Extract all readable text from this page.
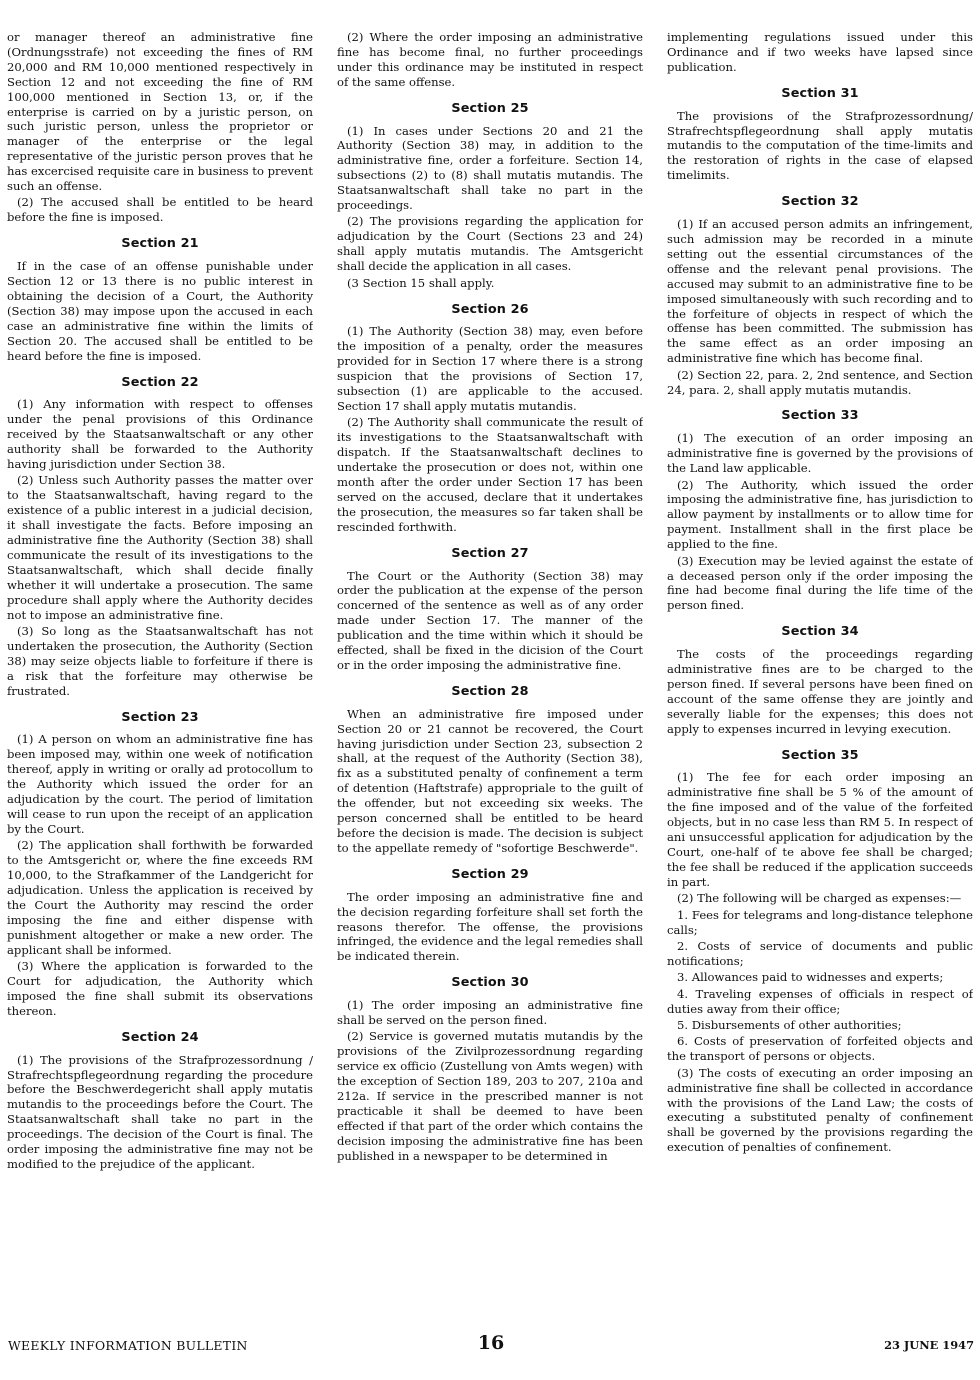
or manager thereof an administrative fine (Ordnungsstrafe) not exceeding the fines of RM 20,000 and RM 10,000 mentioned respectively in Section 12 and not exceeding the fine of RM 100,000 mentioned in Section 13, or, if the enterprise is carried on by a juristic person, on such juristic person, unless the proprietor or manager of the enterprise or the legal representative of the juristic person proves that he has excercised requisite care in business to prevent such an offense.

(2) The accused shall be entitled to be heard before the fine is imposed.

Section 21

If in the case of an offense punishable under Section 12 or 13 there is no public interest in obtaining the decision of a Court, the Authority (Section 38) may impose upon the accused in each case an administrative fine within the limits of Section 20. The accused shall be entitled to be heard before the fine is imposed.

Section 22

(1) Any information with respect to offenses under the penal provisions of this Ordinance received by the Staatsanwaltschaft or any other authority shall be forwarded to the Authority having jurisdiction under Section 38.

(2) Unless such Authority passes the matter over to the Staatsanwaltschaft, having regard to the existence of a public interest in a judicial decision, it shall investigate the facts. Before imposing an administrative fine the Authority (Section 38) shall communicate the result of its investigations to the Staatsanwaltschaft, which shall decide finally whether it will undertake a prosecution. The same procedure shall apply where the Authority decides not to impose an administrative fine.

(3) So long as the Staatsanwaltschaft has not undertaken the prosecution, the Authority (Section 38) may seize objects liable to forfeiture if there is a risk that the forfeiture may otherwise be frustrated.

Section 23

(1) A person on whom an administrative fine has been imposed may, within one week of notification thereof, apply in writing or orally ad protocollum to the Authority which issued the order for an adjudication by the court. The period of limitation will cease to run upon the receipt of an application by the Court.

(2) The application shall forthwith be forwarded to the Amtsgericht or, where the fine exceeds RM 10,000, to the Strafkammer of the Landgericht for adjudication. Unless the application is received by the Court the Authority may rescind the order imposing the fine and either dispense with punishment altogether or make a new order. The applicant shall be informed.

(3) Where the application is forwarded to the Court for adjudication, the Authority which imposed the fine shall submit its observations thereon.

Section 24

(1) The provisions of the Strafprozessordnung / Strafrechtspflegeordnung regarding the procedure before the Beschwerdegericht shall apply mutatis mutandis to the proceedings before the Court. The Staatsanwaltschaft shall take no part in the proceedings. The decision of the Court is final. The order imposing the administrative fine may not be modified to the prejudice of the applicant.

(2) Where the order imposing an administrative fine has become final, no further proceedings under this ordinance may be instituted in respect of the same offense.

Section 25

(1) In cases under Sections 20 and 21 the Authority (Section 38) may, in addition to the administrative fine, order a forfeiture. Section 14, subsections (2) to (8) shall mutatis mutandis. The Staatsanwaltschaft shall take no part in the proceedings.

(2) The provisions regarding the application for adjudication by the Court (Sections 23 and 24) shall apply mutatis mutandis. The Amtsgericht shall decide the application in all cases.

(3 Section 15 shall apply.

Section 26

(1) The Authority (Section 38) may, even before the imposition of a penalty, order the measures provided for in Section 17 where there is a strong suspicion that the provisions of Section 17, subsection (1) are applicable to the accused. Section 17 shall apply mutatis mutandis.

(2) The Authority shall communicate the result of its investigations to the Staatsanwaltschaft with dispatch. If the Staatsanwaltschaft declines to undertake the prosecution or does not, within one month after the order under Section 17 has been served on the accused, declare that it undertakes the prosecution, the measures so far taken shall be rescinded forthwith.

Section 27

The Court or the Authority (Section 38) may order the publication at the expense of the person concerned of the sentence as well as of any order made under Section 17. The manner of the publication and the time within which it should be effected, shall be fixed in the dicision of the Court or in the order imposing the administrative fine.

Section 28

When an administrative fire imposed under Section 20 or 21 cannot be recovered, the Court having jurisdiction under Section 23, subsection 2 shall, at the request of the Authority (Section 38), fix as a substituted penalty of confinement a term of detention (Haftstrafe) appropriale to the guilt of the offender, but not exceeding six weeks. The person concerned shall be entitled to be heard before the decision is made. The decision is subject to the appellate remedy of "sofortige Beschwerde".

Section 29

The order imposing an administrative fine and the decision regarding forfeiture shall set forth the reasons therefor. The offense, the provisions infringed, the evidence and the legal remedies shall be indicated therein.

Section 30

(1) The order imposing an administrative fine shall be served on the person fined.

(2) Service is governed mutatis mutandis by the provisions of the Zivilprozessordnung regarding service ex officio (Zustellung von Amts wegen) with the exception of Section 189, 203 to 207, 210a and 212a. If service in the prescribed manner is not practicable it shall be deemed to have been effected if that part of the order which contains the decision imposing the administrative fine has been published in a newspaper to be determined in

implementing regulations issued under this Ordinance and if two weeks have lapsed since publication.

Section 31

The provisions of the Strafprozessordnung/ Strafrechtspflegeordnung shall apply mutatis mutandis to the computation of the time-limits and the restoration of rights in the case of elapsed timelimits.

Section 32

(1) If an accused person admits an infringement, such admission may be recorded in a minute setting out the essential circumstances of the offense and the relevant penal provisions. The accused may submit to an administrative fine to be imposed simultaneously with such recording and to the forfeiture of objects in respect of which the offense has been committed. The submission has the same effect as an order imposing an administrative fine which has become final.

(2) Section 22, para. 2, 2nd sentence, and Section 24, para. 2, shall apply mutatis mutandis.

Section 33

(1) The execution of an order imposing an administrative fine is governed by the provisions of the Land law applicable.

(2) The Authority, which issued the order imposing the administrative fine, has jurisdiction to allow payment by installments or to allow time for payment. Installment shall in the first place be applied to the fine.

(3) Execution may be levied against the estate of a deceased person only if the order imposing the fine had become final during the life time of the person fined.

Section 34

The costs of the proceedings regarding administrative fines are to be charged to the person fined. If several persons have been fined on account of the same offense they are jointly and severally liable for the expenses; this does not apply to expenses incurred in levying execution.

Section 35

(1) The fee for each order imposing an administrative fine shall be 5 % of the amount of the fine imposed and of the value of the forfeited objects, but in no case less than RM 5. In respect of ani unsuccessful application for adjudication by the Court, one-half of te above fee shall be charged; the fee shall be reduced if the application succeeds in part.

(2) The following will be charged as expenses:—

1. Fees for telegrams and long-distance telephone calls;

2. Costs of service of documents and public notifications;

3. Allowances paid to widnesses and experts;

4. Traveling expenses of officials in respect of duties away from their office;

5. Disbursements of other authorities;

6. Costs of preservation of forfeited objects and the transport of persons or objects.

(3) The costs of executing an order imposing an administrative fine shall be collected in accordance with the provisions of the Land Law; the costs of executing a substituted penalty of confinement shall be governed by the provisions regarding the execution of penalties of confinement.

WEEKLY INFORMATION BULLETIN	16	23 JUNE 1947
